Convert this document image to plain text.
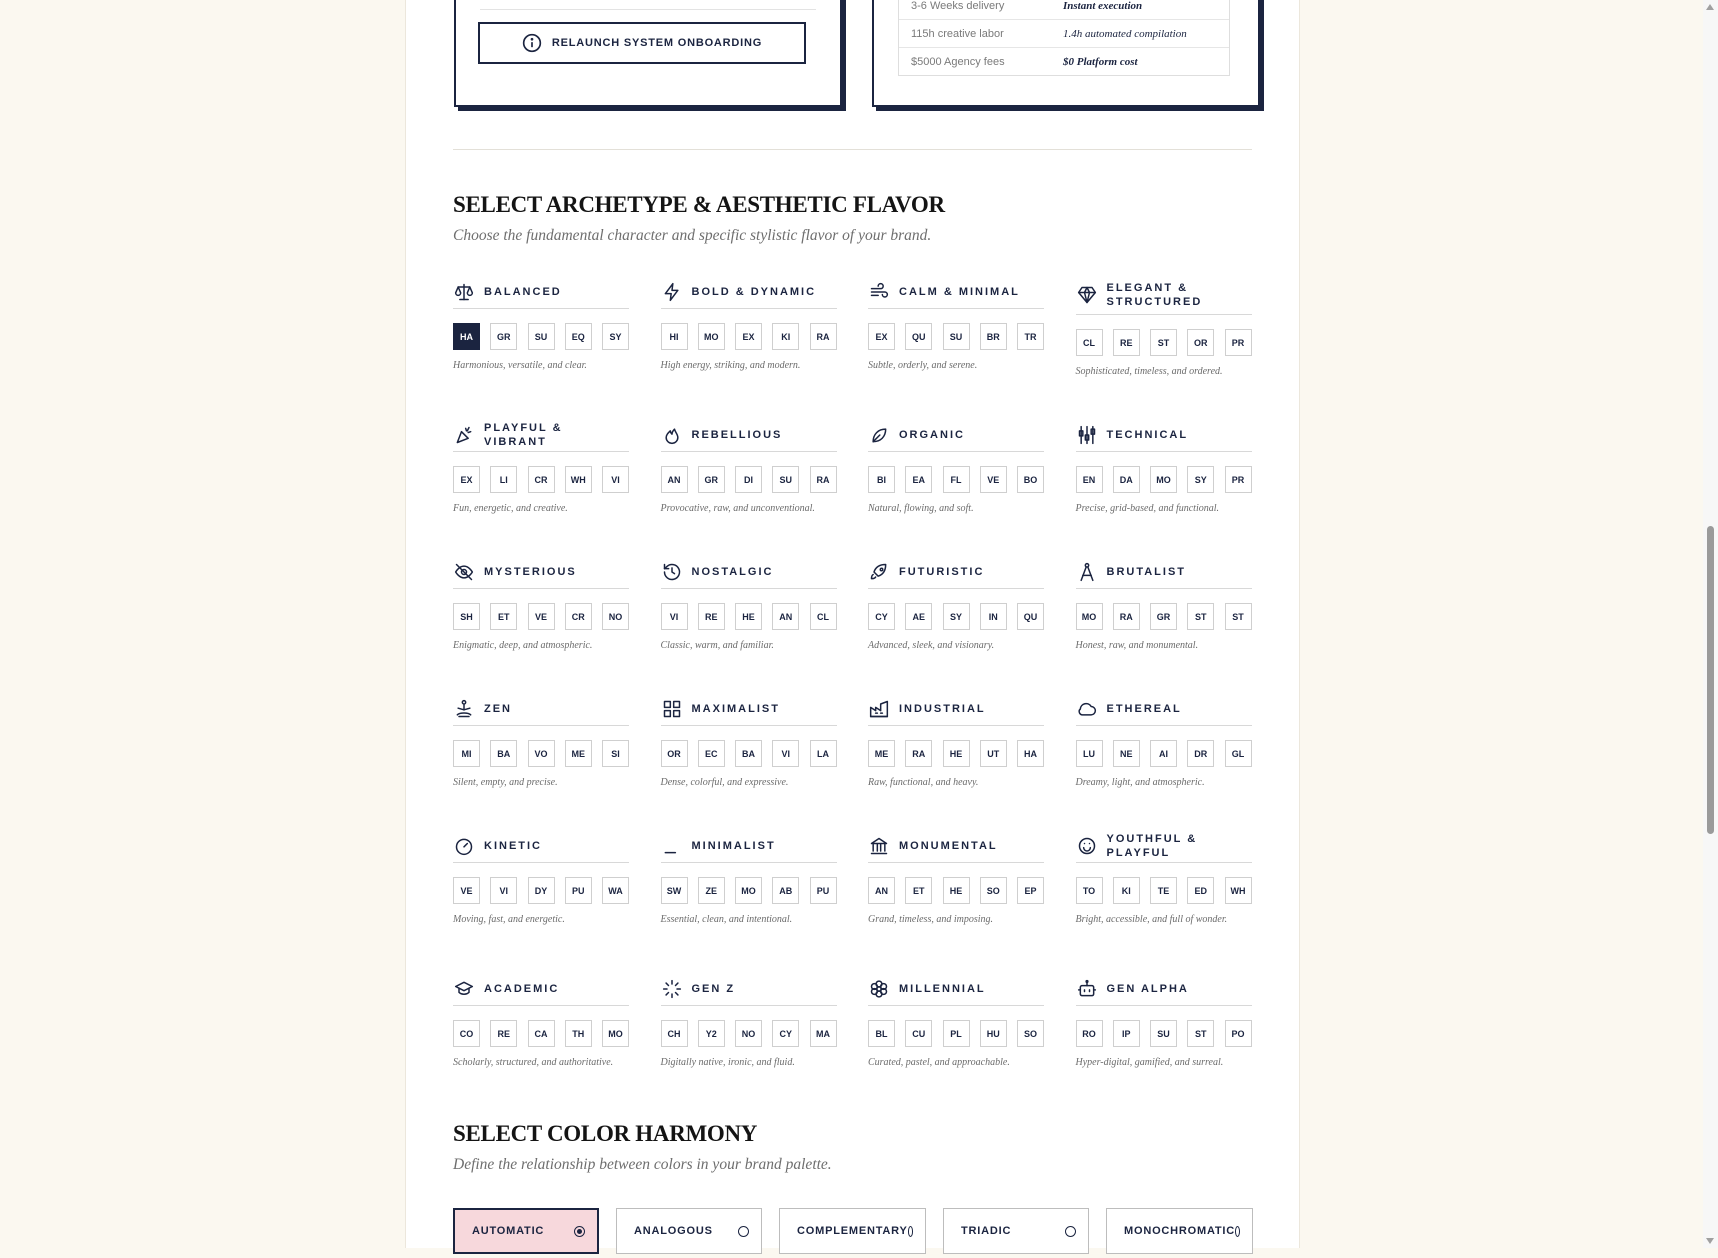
RELAUNCH SYSTEM ONBOARDING
3-6 Weeks delivery	Instant execution
115h creative labor	1.4h automated compilation
$5000 Agency fees	$0 Platform cost
SELECT ARCHETYPE & AESTHETIC FLAVOR

Choose the fundamental character and specific stylistic flavor of your brand.

BALANCED
HA	GR	SU	EQ	SY
Harmonious, versatile, and clear.
BOLD & DYNAMIC
HI	MO	EX	KI	RA
High energy, striking, and modern.
CALM & MINIMAL
EX	QU	SU	BR	TR
Subtle, orderly, and serene.
ELEGANT & STRUCTURED
CL	RE	ST	OR	PR
Sophisticated, timeless, and ordered.
PLAYFUL & VIBRANT
EX	LI	CR	WH	VI
Fun, energetic, and creative.
REBELLIOUS
AN	GR	DI	SU	RA
Provocative, raw, and unconventional.
ORGANIC
BI	EA	FL	VE	BO
Natural, flowing, and soft.
TECHNICAL
EN	DA	MO	SY	PR
Precise, grid-based, and functional.
MYSTERIOUS
SH	ET	VE	CR	NO
Enigmatic, deep, and atmospheric.
NOSTALGIC
VI	RE	HE	AN	CL
Classic, warm, and familiar.
FUTURISTIC
CY	AE	SY	IN	QU
Advanced, sleek, and visionary.
BRUTALIST
MO	RA	GR	ST	ST
Honest, raw, and monumental.
ZEN
MI	BA	VO	ME	SI
Silent, empty, and precise.
MAXIMALIST
OR	EC	BA	VI	LA
Dense, colorful, and expressive.
INDUSTRIAL
ME	RA	HE	UT	HA
Raw, functional, and heavy.
ETHEREAL
LU	NE	AI	DR	GL
Dreamy, light, and atmospheric.
KINETIC
VE	VI	DY	PU	WA
Moving, fast, and energetic.
MINIMALIST
SW	ZE	MO	AB	PU
Essential, clean, and intentional.
MONUMENTAL
AN	ET	HE	SO	EP
Grand, timeless, and imposing.
YOUTHFUL & PLAYFUL
TO	KI	TE	ED	WH
Bright, accessible, and full of wonder.
ACADEMIC
CO	RE	CA	TH	MO
Scholarly, structured, and authoritative.
GEN Z
CH	Y2	NO	CY	MA
Digitally native, ironic, and fluid.
MILLENNIAL
BL	CU	PL	HU	SO
Curated, pastel, and approachable.
GEN ALPHA
RO	IP	SU	ST	PO
Hyper-digital, gamified, and surreal.
SELECT COLOR HARMONY

Define the relationship between colors in your brand palette.

AUTOMATIC	ANALOGOUS	COMPLEMENTARY	TRIADIC	MONOCHROMATIC
